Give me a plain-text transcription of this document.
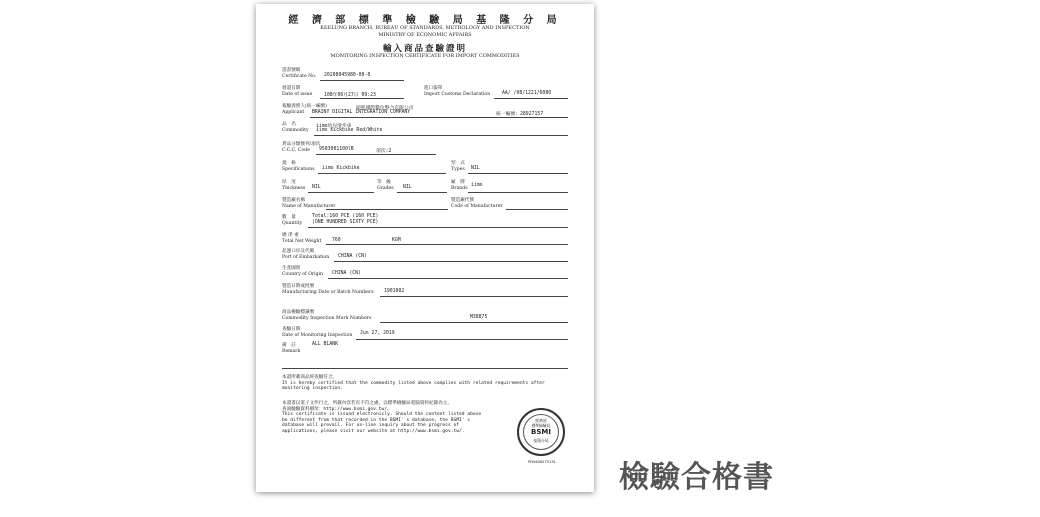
經 濟 部 標 準 檢 驗 局 基 隆 分 局
KEELUNG BRANCH, BUREAU OF STANDARDS, METROLOGY AND INSPECTION
MINISTRY OF ECONOMIC AFFAIRS
輸入商品查驗證明
MONITORING INSPECTION CERTIFICATE FOR IMPORT COMMODITIES
證書號碼
Certificate No. 20208045980-00-8
發證日期
Date of issue 108年06月27日 09:23
進口報單
Import Customs Declaration AA/ /08/1221/6080
報驗義務人(統一編號)
Applicant
碩聖國際數位整合有限公司
BRAINY DIGITAL INTEGRATION COMPANY	統一編號：28927157
品　名
Commodity
iimo幼兒滑步車
iimo Kickbike Red/White
貨品分類號列/項次
C.C.C. Code	9503001100lB	項次:2
規　格
Specifications iimo Kickbike
型　式
Types NIL
厚　度
Thickness NIL
等　級
Grades NIL
廠　牌
Brands iimo
製造廠名稱
Name of Manufacturer
製造廠代號
Code of Manufacturer
數　量
Quantity
Total:160 PCE (160 PCE)
(ONE HUNDRED SIXTY PCE)
總 淨 重
Total Net Weight 760	KGM
起運口岸及代碼
Port of Embarkation CHINA (CN)
生產國別
Country of Origin CHINA (CN)
製造日期或批號
Manufacturing Date or Batch Numbers 1901002
商品檢驗標識號
Commodity Inspection Mark Numbers	M38875
查驗日期
Date of Monitoring Inspection Jun 27, 2019
備　註
Remark
ALL BLANK
本證所載商品經查驗符合。
It is hereby certified that the commodity listed above complies with related requirements after
monitoring inspection.
本證書以電子文件行之，所載內容若有不符之處，以標準檢驗局電腦資料紀錄為主，
查詢驗驗資料網址：http://www.bsmi.gov.tw/。
This certificate is issued electronicly. Should the content listed above
be different from that recorded in the BSMI' s database, the BSMI' s
database will prevail. For on-line inquiry about the progress of
applications, please visit our website at http://www.bsmi.gov.tw/.
經濟部
標準檢驗局
BSMI
基隆分局
PD0606275131	檢驗合格書
